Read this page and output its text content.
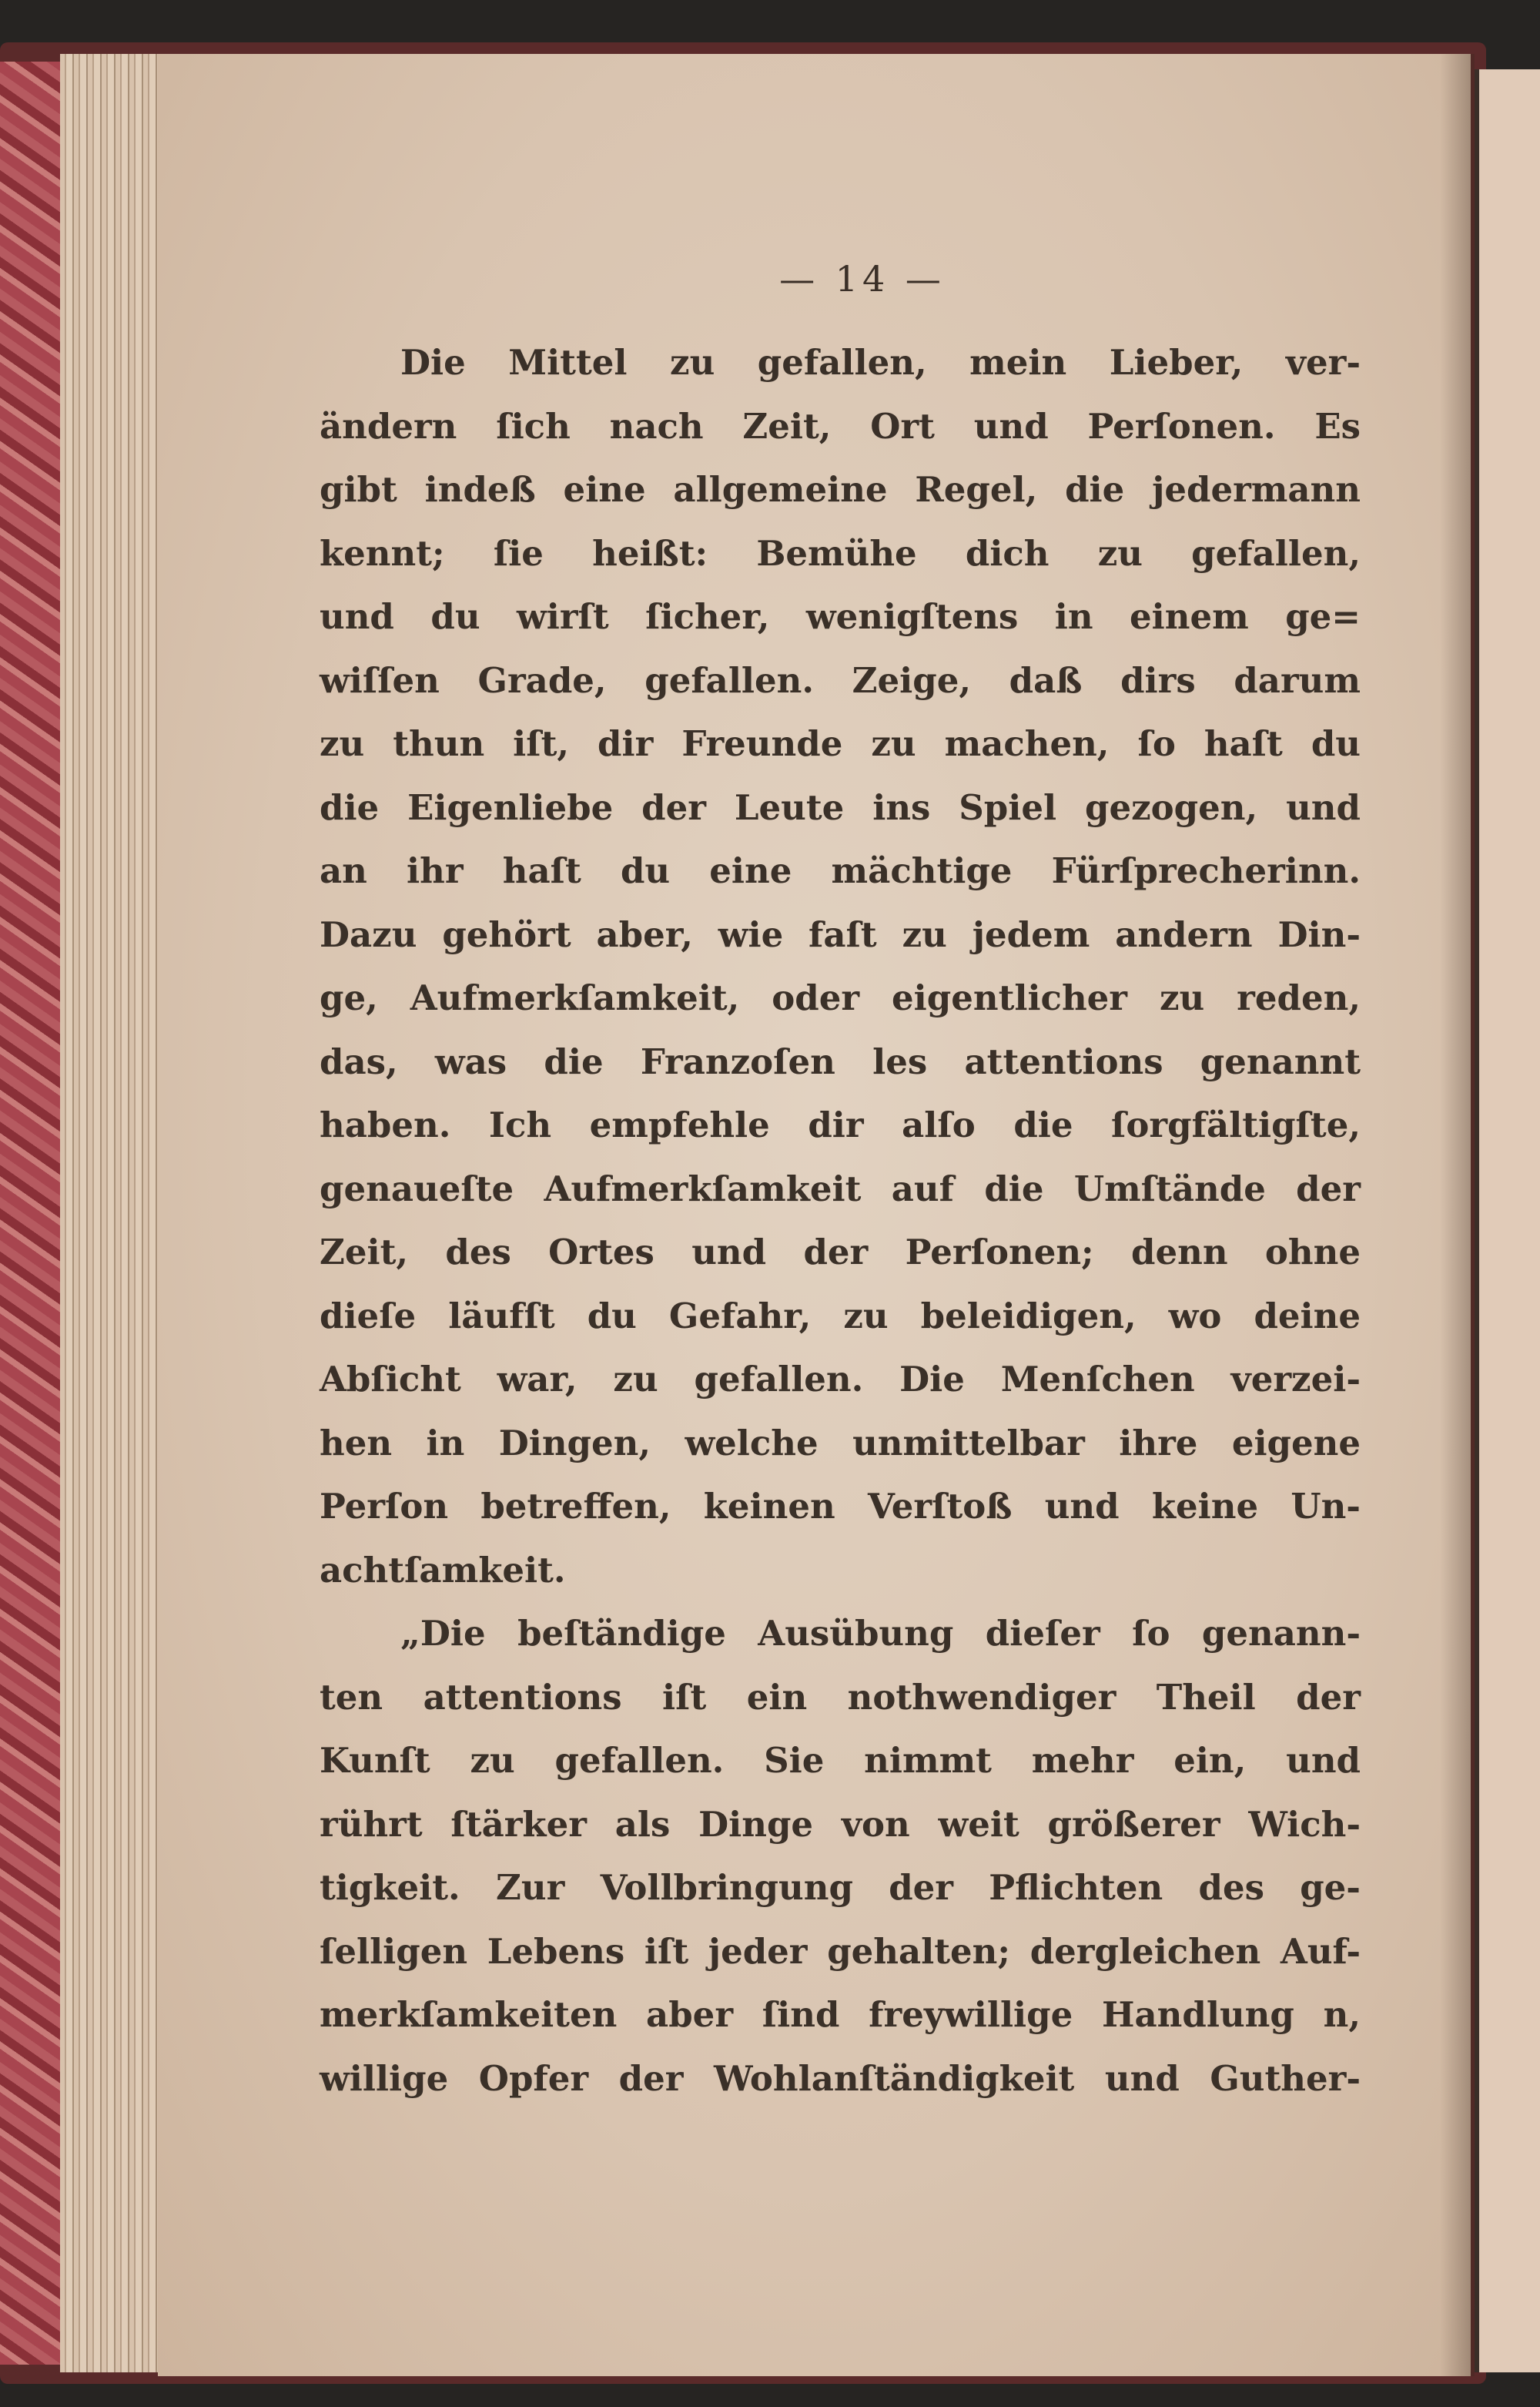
— 14 —
Die Mittel zu gefallen, mein Lieber, ver-
ändern ſich nach Zeit, Ort und Perſonen. Es
gibt indeß eine allgemeine Regel, die jedermann
kennt; ſie heißt: Bemühe dich zu gefallen,
und du wirſt ſicher, wenigſtens in einem ge=
wiſſen Grade, gefallen. Zeige, daß dirs darum
zu thun iſt, dir Freunde zu machen, ſo haſt du
die Eigenliebe der Leute ins Spiel gezogen, und
an ihr haſt du eine mächtige Fürſprecherinn.
Dazu gehört aber, wie faſt zu jedem andern Din-
ge, Aufmerkſamkeit, oder eigentlicher zu reden,
das, was die Franzoſen les attentions genannt
haben. Ich empfehle dir alſo die ſorgfältigſte,
genaueſte Aufmerkſamkeit auf die Umſtände der
Zeit, des Ortes und der Perſonen; denn ohne
dieſe läufſt du Gefahr, zu beleidigen, wo deine
Abſicht war, zu gefallen. Die Menſchen verzei-
hen in Dingen, welche unmittelbar ihre eigene
Perſon betreffen, keinen Verſtoß und keine Un-
achtſamkeit.
„Die beſtändige Ausübung dieſer ſo genann-
ten attentions iſt ein nothwendiger Theil der
Kunſt zu gefallen. Sie nimmt mehr ein, und
rührt ſtärker als Dinge von weit größerer Wich-
tigkeit. Zur Vollbringung der Pflichten des ge-
ſelligen Lebens iſt jeder gehalten; dergleichen Auf-
merkſamkeiten aber ſind freywillige Handlung n,
willige Opfer der Wohlanſtändigkeit und Guther-
